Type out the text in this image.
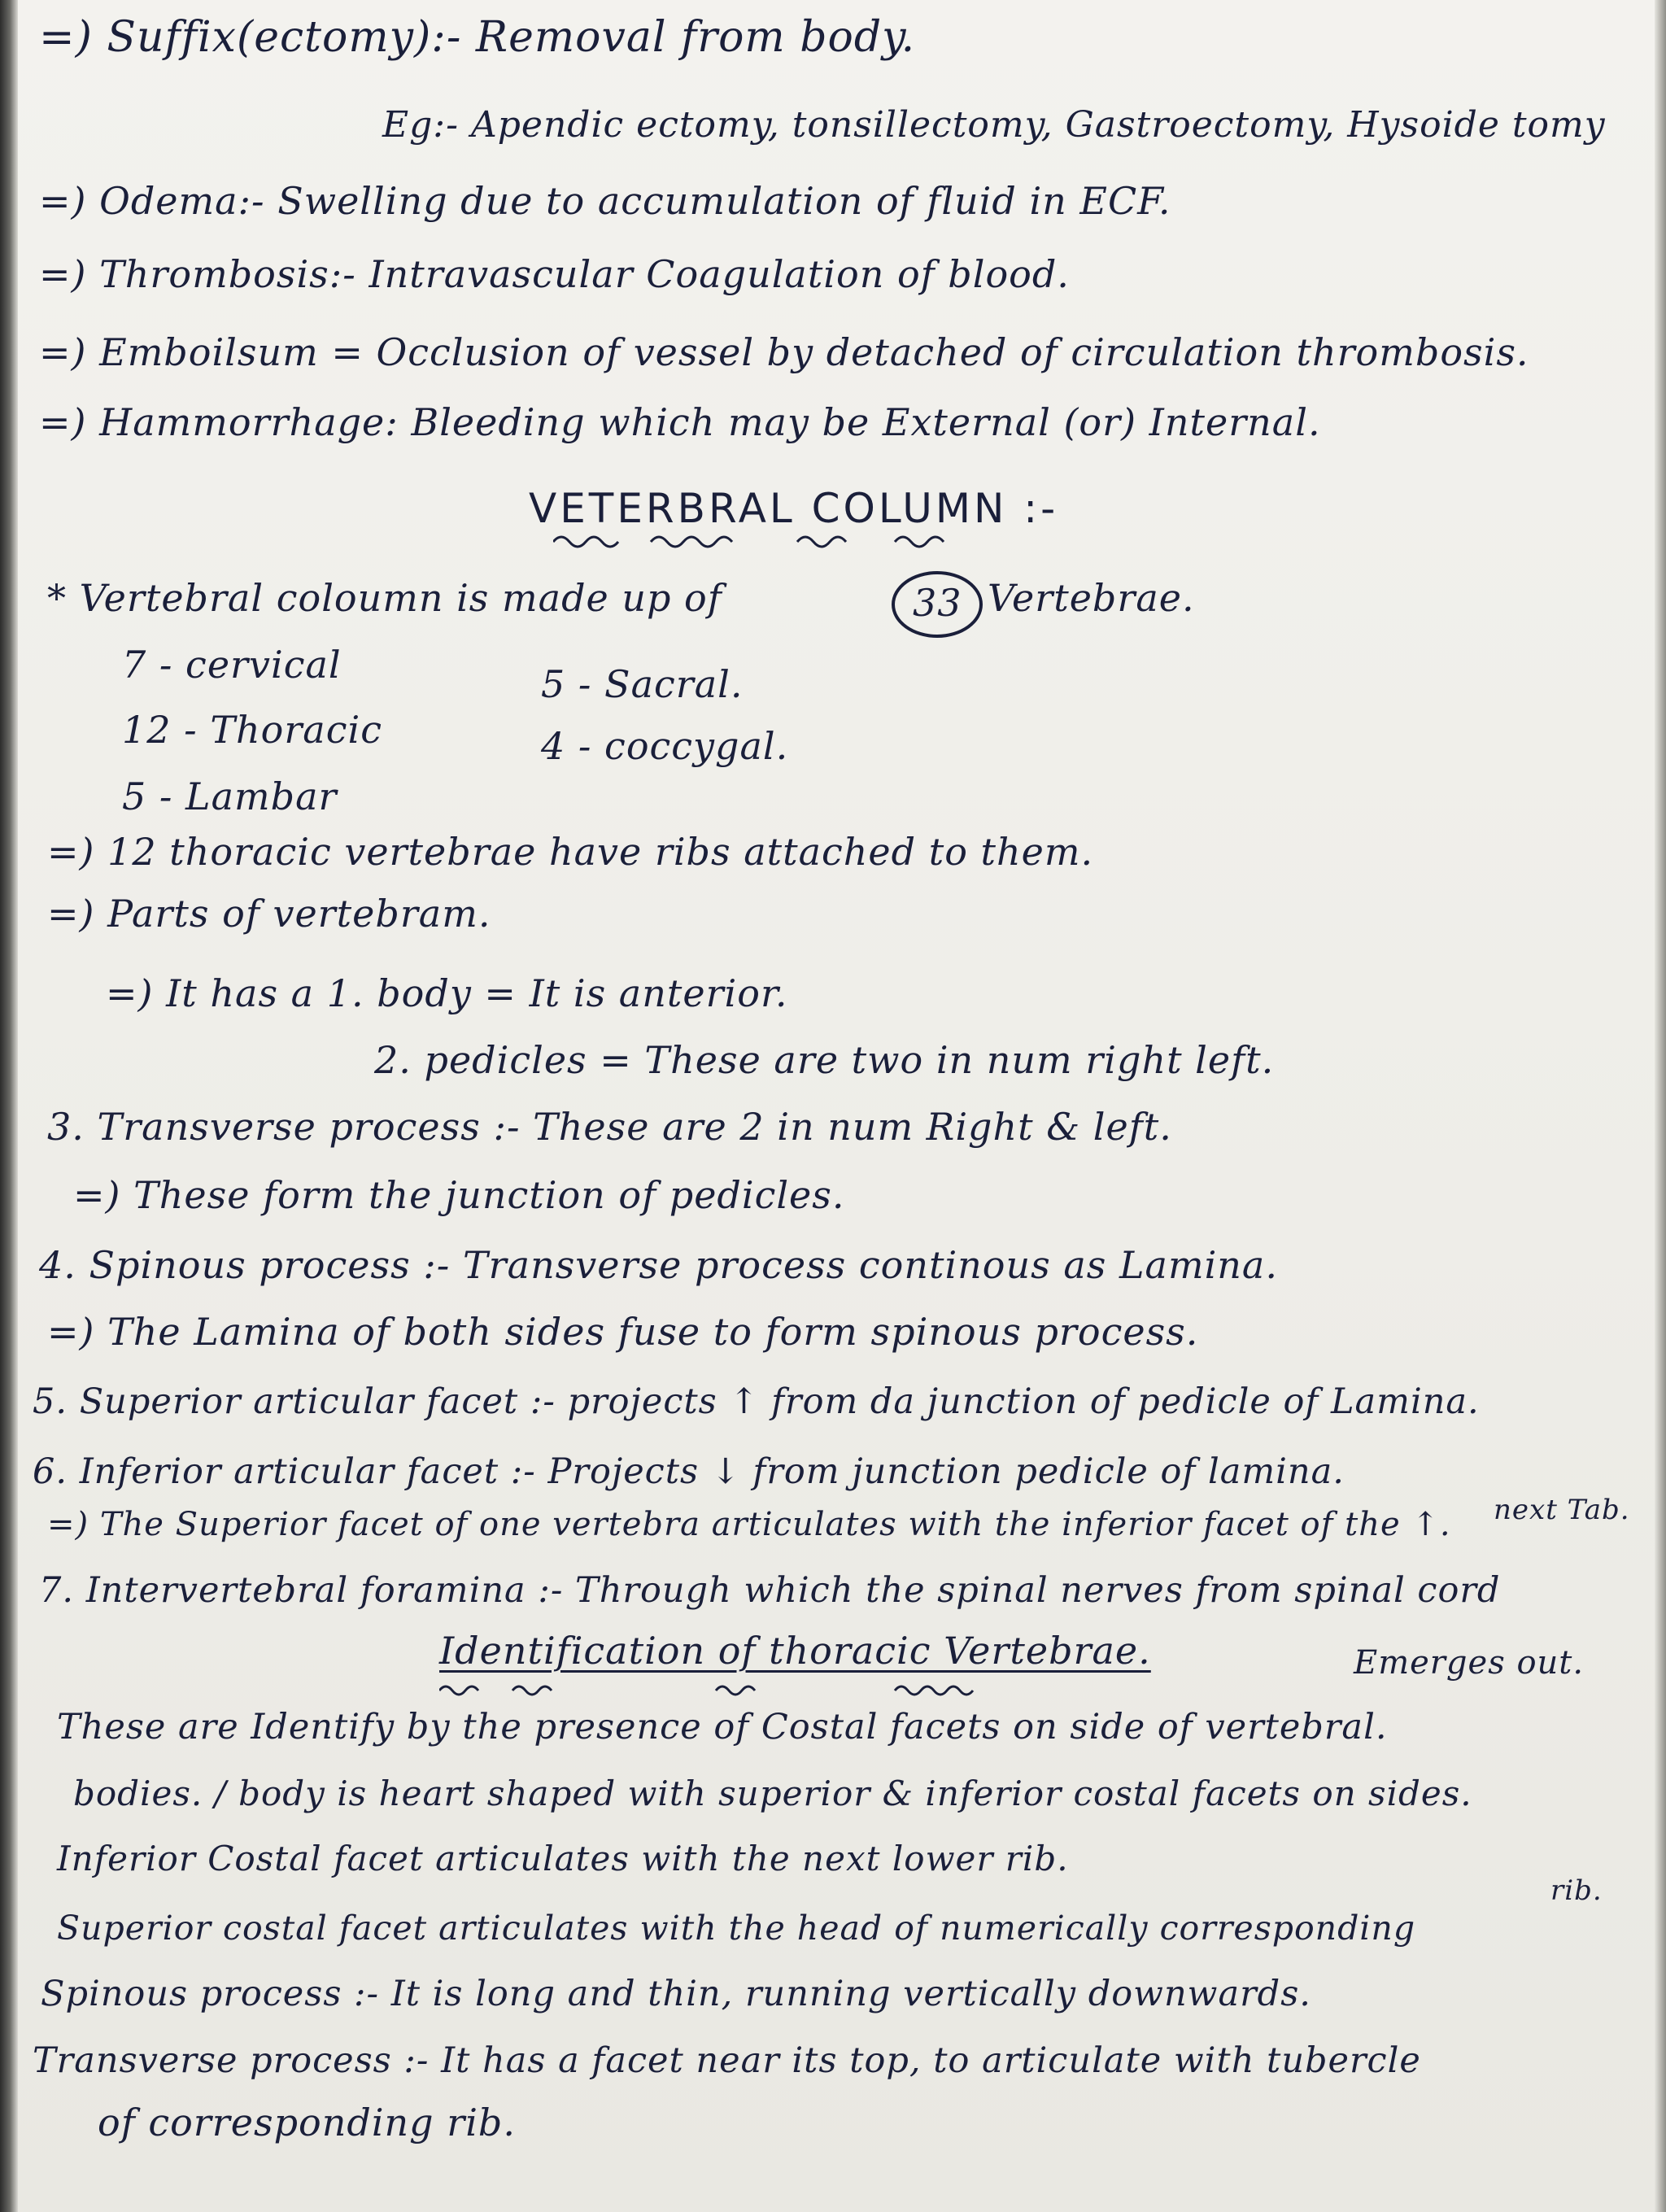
=) Suffix(ectomy):- Removal from body.
Eg:- Apendic ectomy, tonsillectomy, Gastroectomy, Hysoide tomy
=) Odema:- Swelling due to accumulation of fluid in ECF.
=) Thrombosis:- Intravascular Coagulation of blood.
=) Emboilsum = Occlusion of vessel by detached of circulation thrombosis.
=) Hammorrhage: Bleeding which may be External (or) Internal.
VETERBRAL COLUMN :-
* Vertebral coloumn is made up of	33 Vertebrae.
7 - cervical	5 - Sacral.
12 - Thoracic	4 - coccygal.
5 - Lambar
=) 12 thoracic vertebrae have ribs attached to them.
=) Parts of vertebram.
=) It has a 1. body = It is anterior.
2. pedicles = These are two in num right left.
3. Transverse process :- These are 2 in num Right & left.
=) These form the junction of pedicles.
4. Spinous process :- Transverse process continous as Lamina.
=) The Lamina of both sides fuse to form spinous process.
5. Superior articular facet :- projects ↑ from da junction of pedicle of Lamina.
6. Inferior articular facet :- Projects ↓ from junction pedicle of lamina.
next Tab.
=) The Superior facet of one vertebra articulates with the inferior facet of the ↑.
7. Intervertebral foramina :- Through which the spinal nerves from spinal cord
Identification of thoracic Vertebrae.	Emerges out.
These are Identify by the presence of Costal facets on side of vertebral.
bodies. / body is heart shaped with superior & inferior costal facets on sides.
Inferior Costal facet articulates with the next lower rib.
rib.
Superior costal facet articulates with the head of numerically corresponding
Spinous process :- It is long and thin, running vertically downwards.
Transverse process :- It has a facet near its top, to articulate with tubercle
of corresponding rib.
